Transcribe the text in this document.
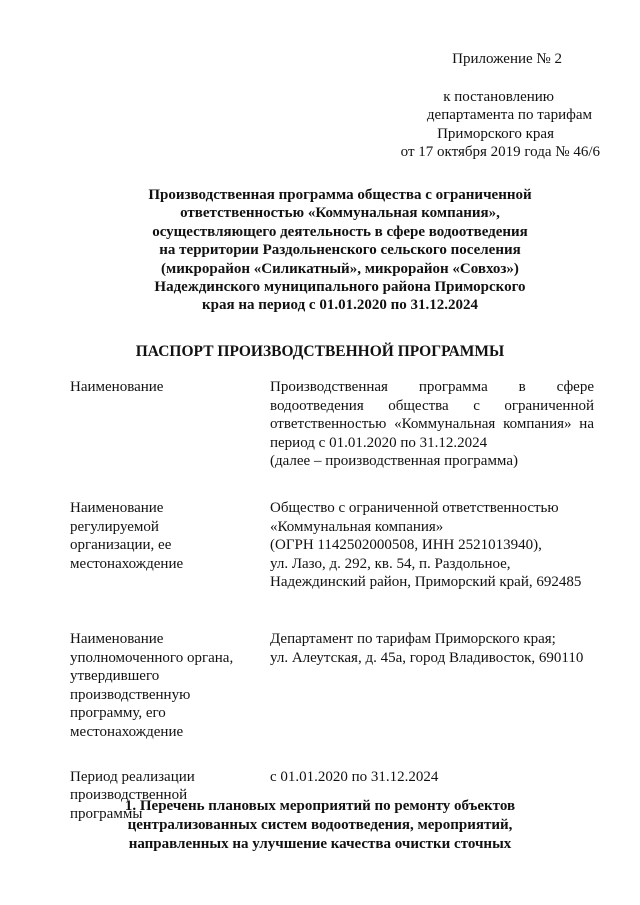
Приложение № 2
к постановлению
департамента по тарифам
Приморского края
от 17 октября 2019 года № 46/6
Производственная программа общества с ограниченной
ответственностью «Коммунальная компания»,
осуществляющего деятельность в сфере водоотведения
на территории Раздольненского сельского поселения
(микрорайон «Силикатный», микрорайон «Совхоз»)
Надеждинского муниципального района Приморского
края на период с 01.01.2020 по 31.12.2024
ПАСПОРТ ПРОИЗВОДСТВЕННОЙ ПРОГРАММЫ
Наименование	Производственная программа в сфере
водоотведения общества с ограниченной
ответственностью «Коммунальная компания» на
период с 01.01.2020 по 31.12.2024
(далее – производственная программа)
Наименование регулируемой организации, ее местонахождение
Общество с ограниченной ответственностью
«Коммунальная компания»
(ОГРН 1142502000508, ИНН 2521013940),
ул. Лазо, д. 292, кв. 54, п. Раздольное,
Надеждинский район, Приморский край, 692485
Наименование уполномоченного органа, утвердившего производственную программу, его местонахождение
Департамент по тарифам Приморского края;
ул. Алеутская, д. 45а, город Владивосток, 690110
Период реализации производственной программы
с 01.01.2020 по 31.12.2024
1. Перечень плановых мероприятий по ремонту объектов
централизованных систем водоотведения, мероприятий,
направленных на улучшение качества очистки сточных
